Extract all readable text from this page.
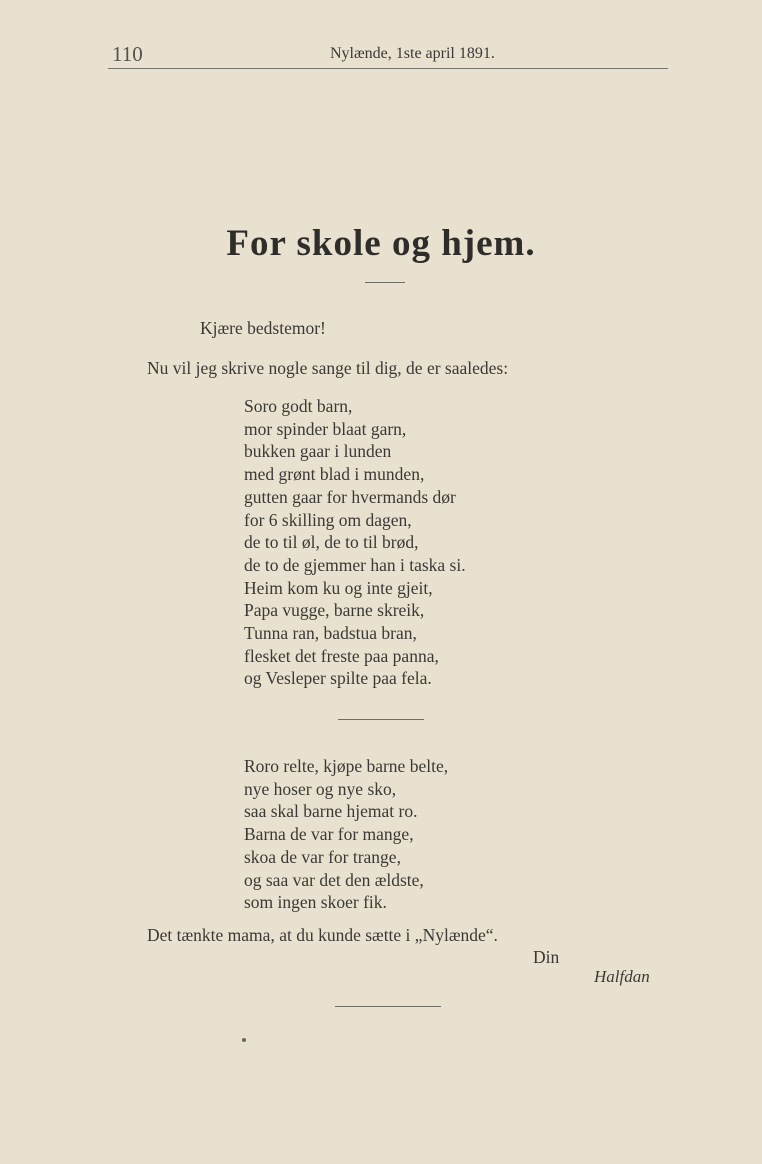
110	Nylænde, 1ste april 1891.
For skole og hjem.
Kjære bedstemor!
Nu vil jeg skrive nogle sange til dig, de er saaledes:
Soro godt barn,
mor spinder blaat garn,
bukken gaar i lunden
med grønt blad i munden,
gutten gaar for hvermands dør
for 6 skilling om dagen,
de to til øl, de to til brød,
de to de gjemmer han i taska si.
Heim kom ku og inte gjeit,
Papa vugge, barne skreik,
Tunna ran, badstua bran,
flesket det freste paa panna,
og Vesleper spilte paa fela.
Roro relte, kjøpe barne belte,
nye hoser og nye sko,
saa skal barne hjemat ro.
Barna de var for mange,
skoa de var for trange,
og saa var det den ældste,
som ingen skoer fik.
Det tænkte mama, at du kunde sætte i „Nylænde“.
Din
Halfdan
